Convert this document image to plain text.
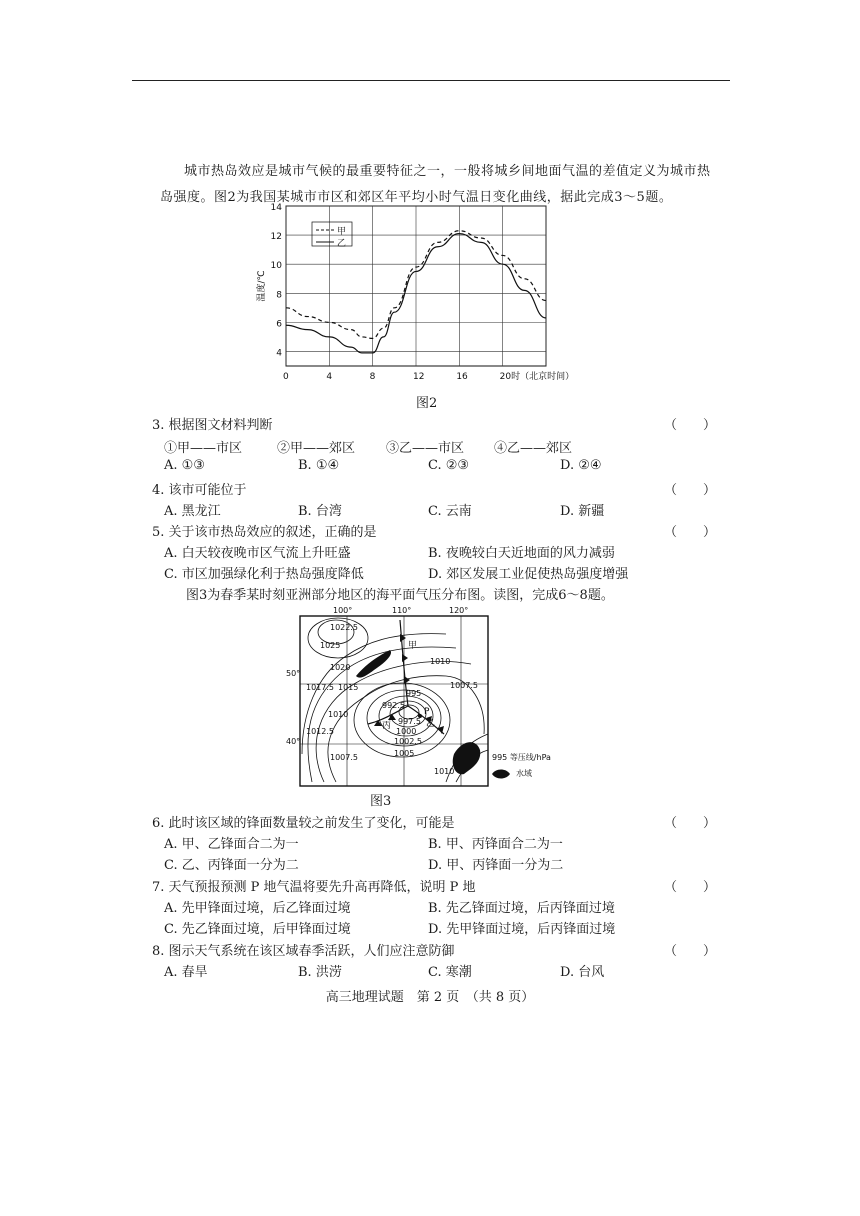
城市热岛效应是城市气候的最重要特征之一，一般将城乡间地面气温的差值定义为城市热岛强度。图2为我国某城市市区和郊区年平均小时气温日变化曲线，据此完成3～5题。
4
6
8
10
12
14
0	4	8	12	16	20时（北京时间）
温度/℃
甲
乙
图2
3. 根据图文材料判断	（　　）
①甲——市区	②甲——郊区 ③乙——市区 ④乙——郊区
A. ①③	B. ①④	C. ②③	D. ②④
4. 该市可能位于	（　　）
A. 黑龙江	B. 台湾	C. 云南	D. 新疆
5. 关于该市热岛效应的叙述，正确的是	（　　）
A. 白天较夜晚市区气流上升旺盛	B. 夜晚较白天近地面的风力减弱
C. 市区加强绿化利于热岛强度降低	D. 郊区发展工业促使热岛强度增强
图3为春季某时刻亚洲部分地区的海平面气压分布图。读图，完成6～8题。
100°	110°	120°
50°
40°
1022.5
1025
1020
1017.5 1015
1010
1012.5
1007.5	1005
1002.5
1000
997.5
995
992.5
1010
1007.5
1010
甲
乙
丙
P
995 等压线/hPa
水域
图3
6. 此时该区域的锋面数量较之前发生了变化，可能是	（　　）
A. 甲、乙锋面合二为一	B. 甲、丙锋面合二为一
C. 乙、丙锋面一分为二	D. 甲、丙锋面一分为二
7. 天气预报预测 P 地气温将要先升高再降低，说明 P 地	（　　）
A. 先甲锋面过境，后乙锋面过境	B. 先乙锋面过境，后丙锋面过境
C. 先乙锋面过境，后甲锋面过境	D. 先甲锋面过境，后丙锋面过境
8. 图示天气系统在该区域春季活跃，人们应注意防御	（　　）
A. 春旱	B. 洪涝	C. 寒潮	D. 台风
高三地理试题　第 2 页　（共 8 页）
